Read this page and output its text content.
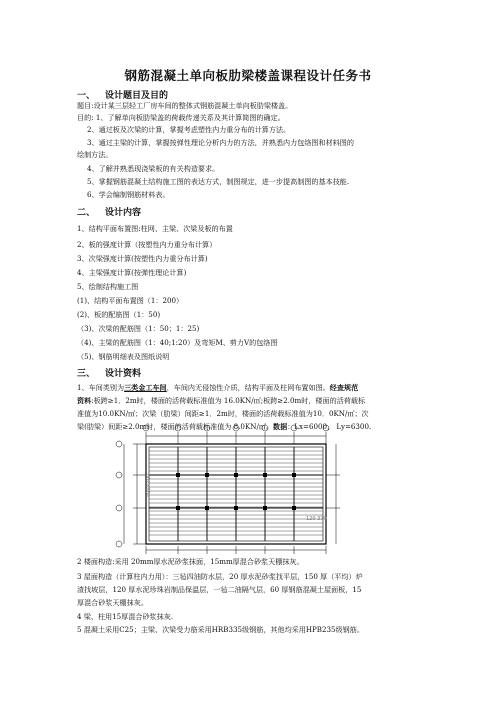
钢筋混凝土单向板肋梁楼盖课程设计任务书
一、 设计题目及目的
题目:设计某三层轻工厂房车间的整体式钢筋混凝土单向板肋梁楼盖。
目的: 1、了解单向板肋梁盖的荷载传递关系及其计算简图的确定。
2、通过板及次梁的计算，掌握考虑塑性内力重分布的计算方法。
3、通过主梁的计算，掌握按弹性理论分析内力的方法，并熟悉内力包络图和材料图的
绘制方法。
4、了解并熟悉现浇梁板的有关构造要求。
5、掌握钢筋混凝土结构施工图的表达方式，制图规定，进一步提高制图的基本技能.
6、学会编制钢筋材料表。
二、 设计内容
1、结构平面布置图:柱网、主梁、次梁及板的布置
2、板的强度计算（按塑性内力重分布计算）
3、次梁强度计算(按塑性内力重分布计算)
4、主梁强度计算(按弹性理论计算)
5、绘制结构施工图
(1)、结构平面布置图（1：200）
(2)、板的配筋图（1：50)
（3)、次梁的配筋图（1：50；1：25)
（4)、主梁的配筋图（1：40;1:20）及弯矩M、剪力V的包络图
（5)、钢筋明细表及图纸说明
三、 设计资料
1、车间类别为三类金工车间，车间内无侵蚀性介质，结构平面及柱网布置如图。经查规范
资料:板跨≥1．2m时，楼面的活荷载标准值为 16.0KN/㎡;板跨≥2.0m时，楼面的活荷载标
准值为10.0KN/㎡；次梁（肋梁）间距≥1．2m时，楼面的活荷载标准值为10．0KN/㎡；次
梁(肋梁）间距≥2.0m时，楼面的活荷载标准值为 8.0KN/㎡。数据：Lx=6000， Ly=6300.
400×400
120 370
2 楼面构造:采用 20mm厚水泥砂浆抹面，15mm厚混合砂浆天棚抹灰。
3 屋面构造（计算柱内力用）：三毡四油防水层，20 厚水泥砂浆找平层，150 厚（平均）炉
渣找坡层，120 厚水泥珍珠岩制品保温层，一毡二油隔气层，60 厚钢筋混凝土屋面板，15
厚混合砂浆天棚抹灰。
4 梁、柱用15厚混合砂浆抹灰.
5 混凝土采用C25；主梁、次梁受力筋采用HRB335级钢筋，其他均采用HPB235级钢筋。
